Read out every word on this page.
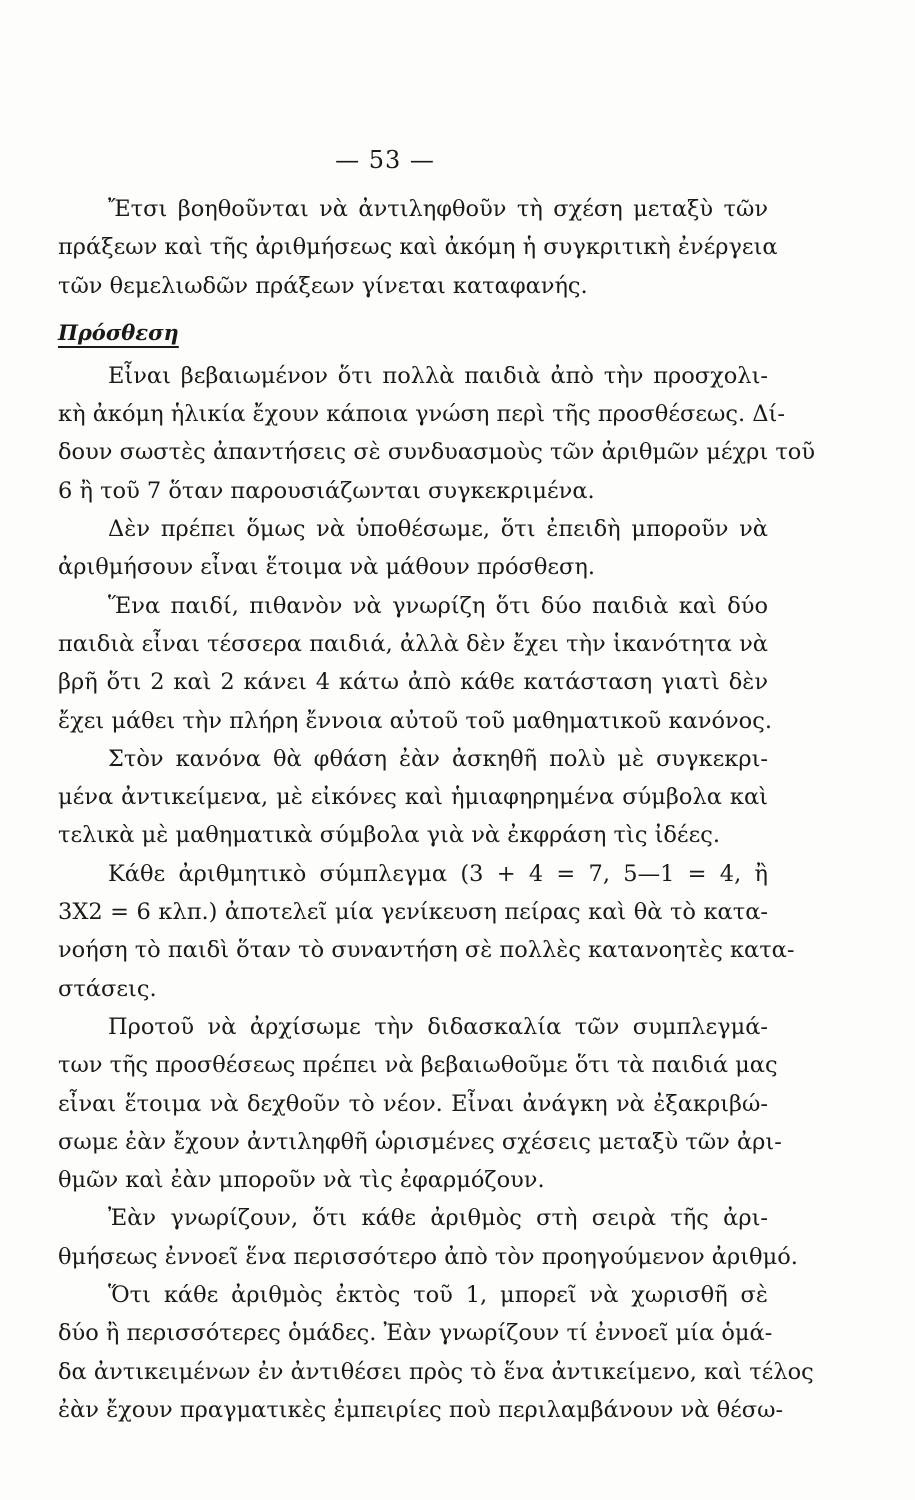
— 53 —
Ἔτσι βοηθοῦνται νὰ ἀντιληφθοῦν τὴ σχέση μεταξὺ τῶν
πράξεων καὶ τῆς ἀριθμήσεως καὶ ἀκόμη ἡ συγκριτικὴ ἐνέργεια
τῶν θεμελιωδῶν πράξεων γίνεται καταφανής.
Πρόσθεση
Εἶναι βεβαιωμένον ὅτι πολλὰ παιδιὰ ἀπὸ τὴν προσχολι-
κὴ ἀκόμη ἡλικία ἔχουν κάποια γνώση περὶ τῆς προσθέσεως. Δί-
δουν σωστὲς ἀπαντήσεις σὲ συνδυασμοὺς τῶν ἀριθμῶν μέχρι τοῦ
6 ἢ τοῦ 7 ὅταν παρουσιάζωνται συγκεκριμένα.
Δὲν πρέπει ὅμως νὰ ὑποθέσωμε, ὅτι ἐπειδὴ μποροῦν νὰ
ἀριθμήσουν εἶναι ἕτοιμα νὰ μάθουν πρόσθεση.
Ἕνα παιδί, πιθανὸν νὰ γνωρίζη ὅτι δύο παιδιὰ καὶ δύο
παιδιὰ εἶναι τέσσερα παιδιά, ἀλλὰ δὲν ἔχει τὴν ἱκανότητα νὰ
βρῆ ὅτι 2 καὶ 2 κάνει 4 κάτω ἀπὸ κάθε κατάσταση γιατὶ δὲν
ἔχει μάθει τὴν πλήρη ἔννοια αὐτοῦ τοῦ μαθηματικοῦ κανόνος.
Στὸν κανόνα θὰ φθάση ἐὰν ἀσκηθῆ πολὺ μὲ συγκεκρι-
μένα ἀντικείμενα, μὲ εἰκόνες καὶ ἡμιαφηρημένα σύμβολα καὶ
τελικὰ μὲ μαθηματικὰ σύμβολα γιὰ νὰ ἐκφράση τὶς ἰδέες.
Κάθε ἀριθμητικὸ σύμπλεγμα (3 + 4 = 7, 5—1 = 4, ἢ
3Χ2 = 6 κλπ.) ἀποτελεῖ μία γενίκευση πείρας καὶ θὰ τὸ κατα-
νοήση τὸ παιδὶ ὅταν τὸ συναντήση σὲ πολλὲς κατανοητὲς κατα-
στάσεις.
Προτοῦ νὰ ἀρχίσωμε τὴν διδασκαλία τῶν συμπλεγμά-
των τῆς προσθέσεως πρέπει νὰ βεβαιωθοῦμε ὅτι τὰ παιδιά μας
εἶναι ἕτοιμα νὰ δεχθοῦν τὸ νέον. Εἶναι ἀνάγκη νὰ ἐξακριβώ-
σωμε ἐὰν ἔχουν ἀντιληφθῆ ὡρισμένες σχέσεις μεταξὺ τῶν ἀρι-
θμῶν καὶ ἐὰν μποροῦν νὰ τὶς ἐφαρμόζουν.
Ἐὰν γνωρίζουν, ὅτι κάθε ἀριθμὸς στὴ σειρὰ τῆς ἀρι-
θμήσεως ἐννοεῖ ἕνα περισσότερο ἀπὸ τὸν προηγούμενον ἀριθμό.
Ὅτι κάθε ἀριθμὸς ἐκτὸς τοῦ 1, μπορεῖ νὰ χωρισθῆ σὲ
δύο ἢ περισσότερες ὁμάδες. Ἐὰν γνωρίζουν τί ἐννοεῖ μία ὁμά-
δα ἀντικειμένων ἐν ἀντιθέσει πρὸς τὸ ἕνα ἀντικείμενο, καὶ τέλος
ἐὰν ἔχουν πραγματικὲς ἐμπειρίες ποὺ περιλαμβάνουν νὰ θέσω-
